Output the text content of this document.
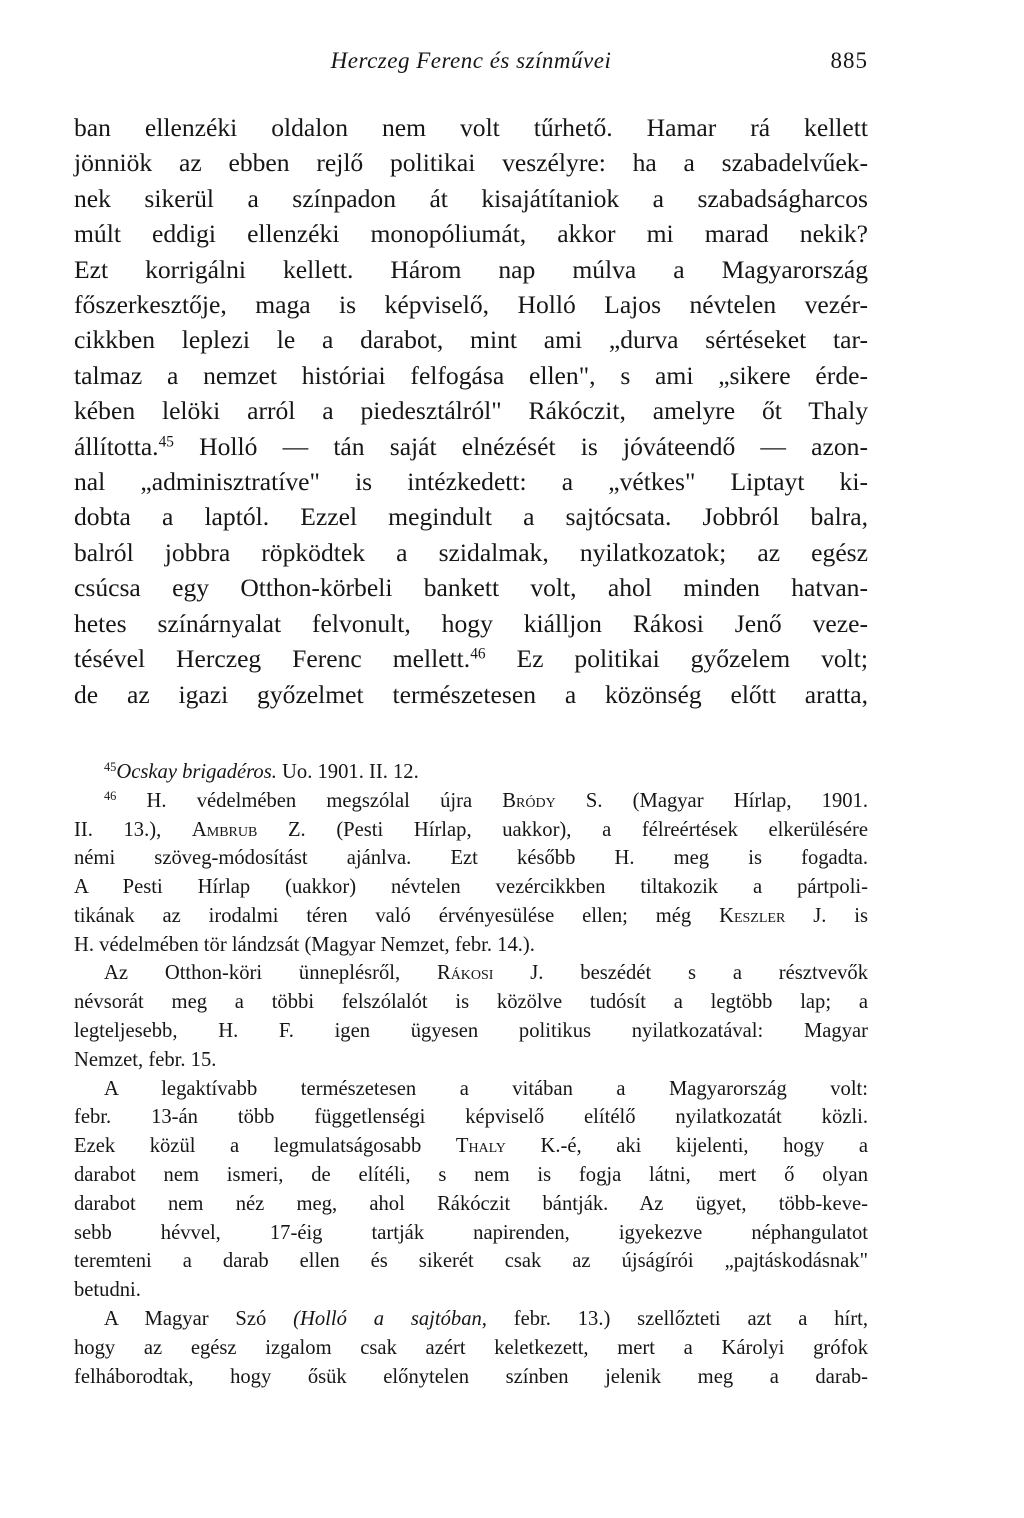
Herczeg Ferenc és színművei	885
ban ellenzéki oldalon nem volt tűrhető. Hamar rá kellett
jönniök az ebben rejlő politikai veszélyre: ha a szabadelvűek-
nek sikerül a színpadon át kisajátítaniok a szabadságharcos
múlt eddigi ellenzéki monopóliumát, akkor mi marad nekik?
Ezt korrigálni kellett. Három nap múlva a Magyarország
főszerkesztője, maga is képviselő, Holló Lajos névtelen vezér-
cikkben leplezi le a darabot, mint ami „durva sértéseket tar-
talmaz a nemzet históriai felfogása ellen", s ami „sikere érde-
kében lelöki arról a piedesztálról" Rákóczit, amelyre őt Thaly
állította.$^{45}$ Holló — tán saját elnézését is jóváteendő — azon-
nal „adminisztratíve" is intézkedett: a „vétkes" Liptayt ki-
dobta a laptól. Ezzel megindult a sajtócsata. Jobbról balra,
balról jobbra röpködtek a szidalmak, nyilatkozatok; az egész
csúcsa egy Otthon-körbeli bankett volt, ahol minden hatvan-
hetes színárnyalat felvonult, hogy kiálljon Rákosi Jenő veze-
tésével Herczeg Ferenc mellett.$^{46}$ Ez politikai győzelem volt;
de az igazi győzelmet természetesen a közönség előtt aratta,
$^{45}$Ocskay brigadéros. Uo. 1901. II. 12.
$^{46}$ H. védelmében megszólal újra Bródy S. (Magyar Hírlap, 1901.
II. 13.), Ambrub Z. (Pesti Hírlap, uakkor), a félreértések elkerülésére
némi szöveg-módosítást ajánlva. Ezt később H. meg is fogadta.
A Pesti Hírlap (uakkor) névtelen vezércikkben tiltakozik a pártpoli-
tikának az irodalmi téren való érvényesülése ellen; még Keszler J. is
H. védelmében tör lándzsát (Magyar Nemzet, febr. 14.).
Az Otthon-köri ünneplésről, Rákosi J. beszédét s a résztvevők
névsorát meg a többi felszólalót is közölve tudósít a legtöbb lap; a
legteljesebb, H. F. igen ügyesen politikus nyilatkozatával: Magyar
Nemzet, febr. 15.
A legaktívabb természetesen a vitában a Magyarország volt:
febr. 13-án több függetlenségi képviselő elítélő nyilatkozatát közli.
Ezek közül a legmulatságosabb Thaly K.-é, aki kijelenti, hogy a
darabot nem ismeri, de elítéli, s nem is fogja látni, mert ő olyan
darabot nem néz meg, ahol Rákóczit bántják. Az ügyet, több-keve-
sebb hévvel, 17-éig tartják napirenden, igyekezve néphangulatot
teremteni a darab ellen és sikerét csak az újságírói „pajtáskodásnak"
betudni.
A Magyar Szó (Holló a sajtóban, febr. 13.) szellőzteti azt a hírt,
hogy az egész izgalom csak azért keletkezett, mert a Károlyi grófok
felháborodtak, hogy ősük előnytelen színben jelenik meg a darab-
